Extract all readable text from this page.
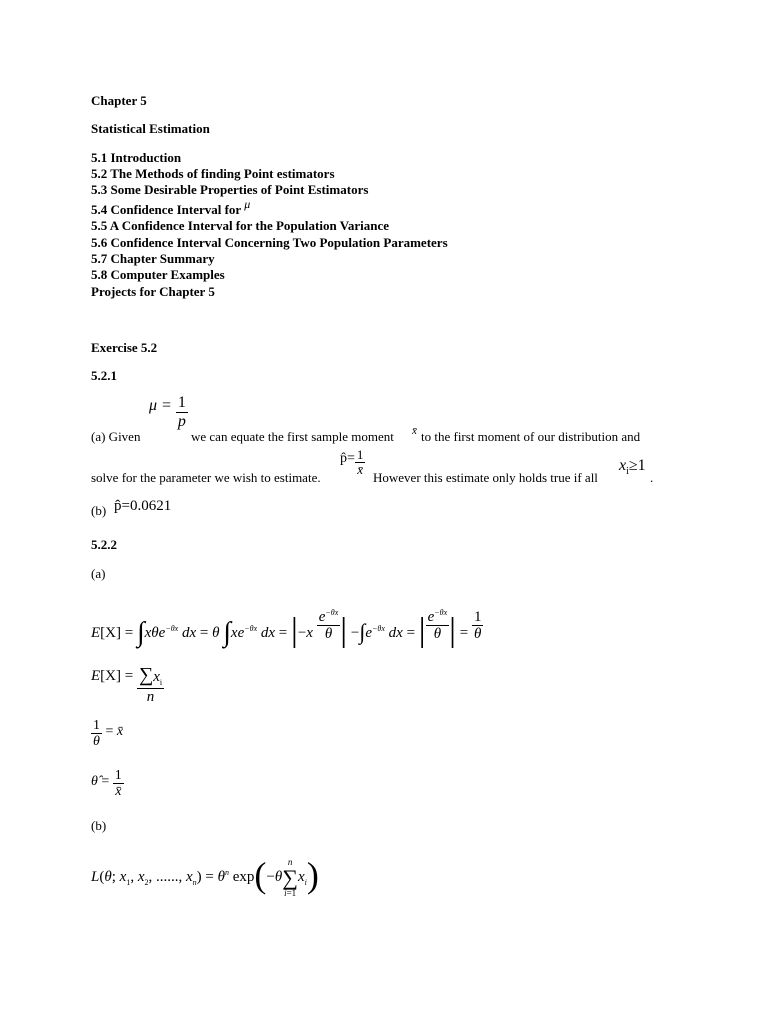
Chapter 5

Statistical Estimation

5.1 Introduction

5.2 The Methods of finding Point estimators

5.3 Some Desirable Properties of Point Estimators

5.4 Confidence Interval for μ

5.5 A Confidence Interval for the Population Variance

5.6 Confidence Interval Concerning Two Population Parameters

5.7 Chapter Summary

5.8 Computer Examples

Projects for Chapter 5

Exercise 5.2

5.2.1

$\mu = \frac{1}{p}$

(a) Given	we can equate the first sample moment x̄ to the first moment of our distribution and

solve for the parameter we wish to estimate.

p̂= $\frac{1}{x̄}$ However this estimate only holds true if all

$x_i\ge 1$
.

(b) p̂=0.0621

5.2.2

(a)

E[X] = ∫xθe$^{-\theta x}$ dx = θ $\int xe^{-\theta x}$ dx = $|-x \frac{e^{-\theta x}}{\theta}$ | $-\int e^{-\theta x}$ dx = | $\frac{e^{-\theta x}}{\theta}$ | = $\frac{1}{\theta}$
$E[X] = \frac{\sum x_i}{n}$
$\frac{1}{\theta}$ = x̄
θ̂ = $\frac{1}{x̄}$

(b)

L(θ; $x_1$, $x_2$, ......, $x_n) = \theta^n$ exp(−θ
n
∑
i=1
$x_i$)
